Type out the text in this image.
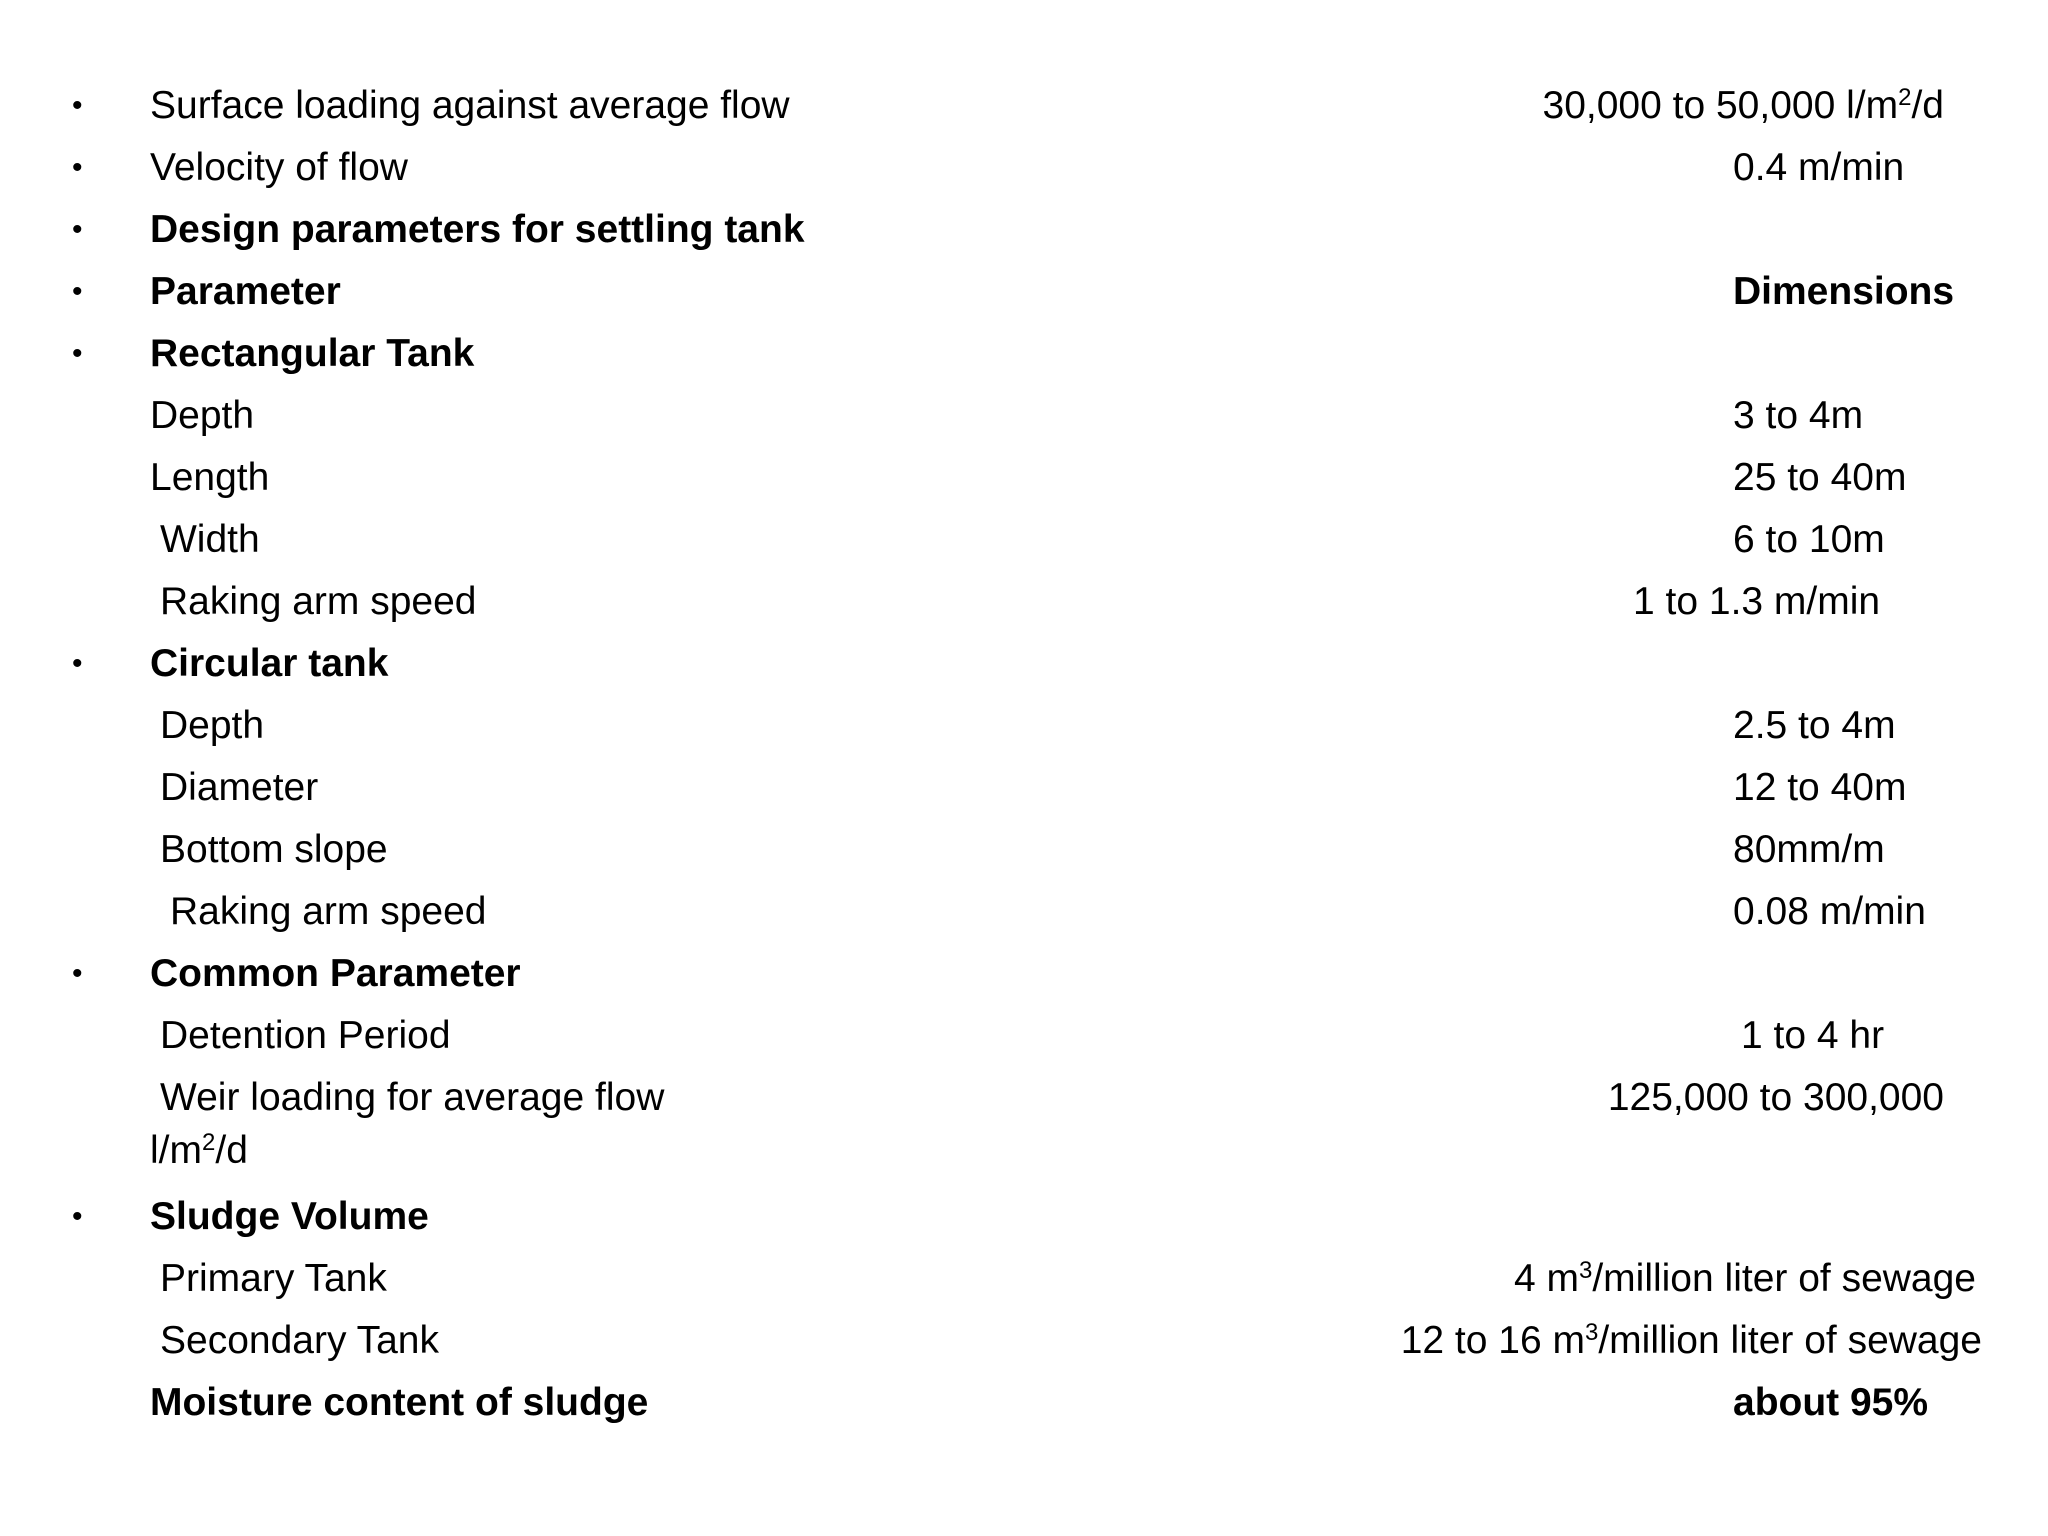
• Surface loading against average flow	30,000 to 50,000 $l/m^2/d$
• Velocity of flow	0.4 m/min
• Design parameters for settling tank
• Parameter	Dimensions
• Rectangular Tank
Depth	3 to 4m
Length	25 to 40m
Width	6 to 10m
Raking arm speed	1 to 1.3 m/min
• Circular tank
Depth	2.5 to 4m
Diameter	12 to 40m
Bottom slope	80mm/m
Raking arm speed	0.08 m/min
• Common Parameter
Detention Period	1 to 4 hr
Weir loading for average flow	125,000 to 300,000
$l/m^2/d$
• Sludge Volume
Primary Tank	4 $m^3$/million liter of sewage
Secondary Tank	12 to 16 $m^3$/million liter of sewage
Moisture content of sludge	about 95%
